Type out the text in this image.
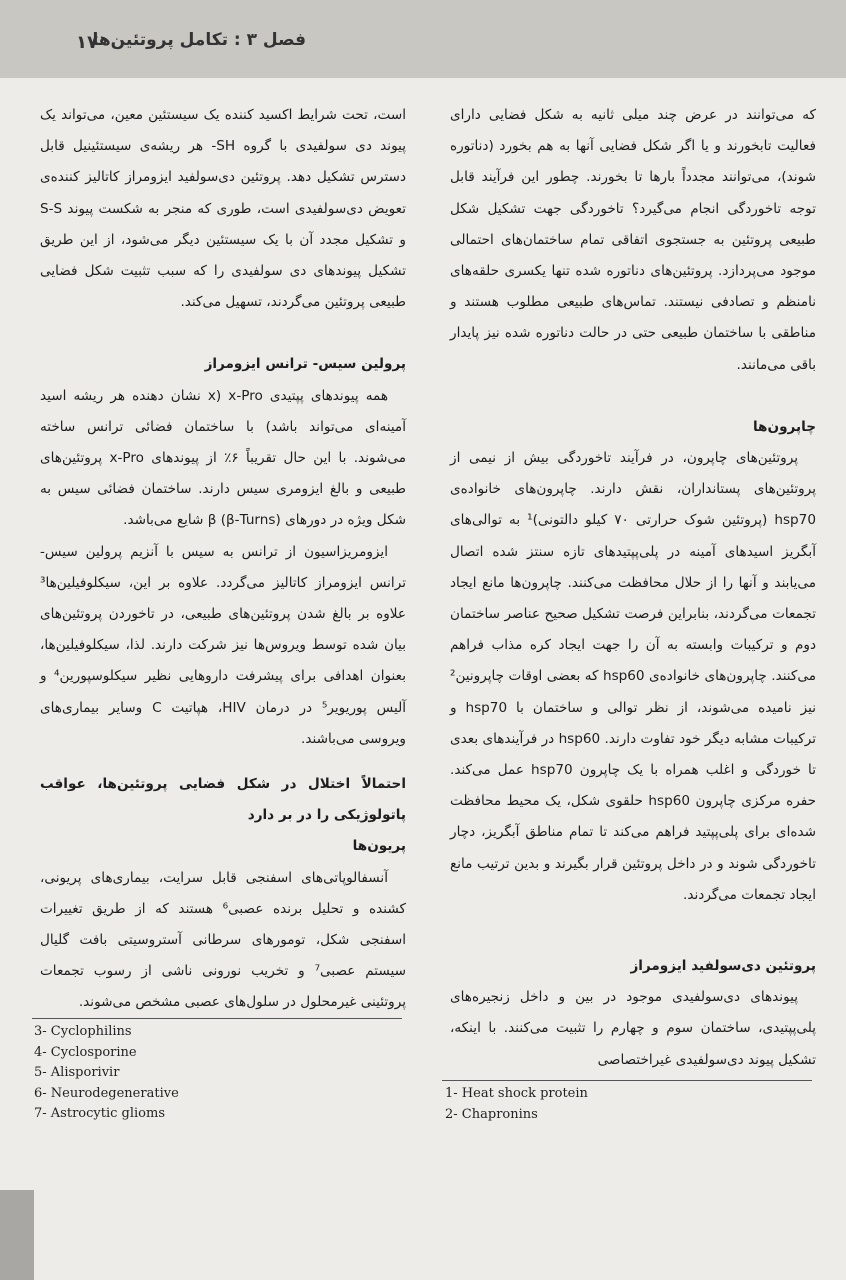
فصل ۳ : تکامل پروتئین‌ها
۱۷

که می‌توانند در عرض چند میلی ثانیه به شکل فضایی دارای فعالیت تابخورند و یا اگر شکل فضایی آنها به هم بخورد (دناتوره شوند)، می‌توانند مجدداً بارها تا بخورند. چطور این فرآیند قابل توجه تاخوردگی انجام می‌گیرد؟ تاخوردگی جهت تشکیل شکل طبیعی پروتئین به جستجوی اتفاقی تمام ساختمان‌های احتمالی موجود می‌پردازد. پروتئین‌های دناتوره شده تنها یکسری حلقه‌های نامنظم و تصادفی نیستند. تماس‌های طبیعی مطلوب هستند و مناطقی با ساختمان طبیعی حتی در حالت دناتوره شده نیز پایدار باقی می‌مانند.

چاپرون‌ها

پروتئین‌های چاپرون، در فرآیند تاخوردگی بیش از نیمی از پروتئین‌های پستانداران، نقش دارند. چاپرون‌های خانواده‌ی hsp70 (پروتئین شوک حرارتی ۷۰ کیلو دالتونی)¹ به توالی‌های آبگریز اسیدهای آمینه در پلی‌پپتیدهای تازه سنتز شده اتصال می‌یابند و آنها را از حلال محافظت می‌کنند. چاپرون‌ها مانع ایجاد تجمعات می‌گردند، بنابراین فرصت تشکیل صحیح عناصر ساختمان دوم و ترکیبات وابسته به آن را جهت ایجاد کره مذاب فراهم می‌کنند. چاپرون‌های خانواده‌ی hsp60 که بعضی اوقات چاپرونین² نیز نامیده می‌شوند، از نظر توالی و ساختمان با hsp70 و ترکیبات مشابه دیگر خود تفاوت دارند. hsp60 در فرآیندهای بعدی تا خوردگی و اغلب همراه با یک چاپرون hsp70 عمل می‌کند. حفره مرکزی چاپرون hsp60 حلقوی شکل، یک محیط محافظت شده‌ای برای پلی‌پپتید فراهم می‌کند تا تمام مناطق آبگریز، دچار تاخوردگی شوند و در داخل پروتئین قرار بگیرند و بدین ترتیب مانع ایجاد تجمعات می‌گردند.

پروتئین دی‌سولفید ایزومراز

پیوندهای دی‌سولفیدی موجود در بین و داخل زنجیره‌های پلی‌پپتیدی، ساختمان سوم و چهارم را تثبیت می‌کنند. با اینکه، تشکیل پیوند دی‌سولفیدی غیراختصاصی

است، تحت شرایط اکسید کننده یک سیستئین معین، می‌تواند یک پیوند دی سولفیدی با گروه SH- هر ریشه‌ی سیستئینیل قابل دسترس تشکیل دهد. پروتئین دی‌سولفید ایزومراز کاتالیز کننده‌ی تعویض دی‌سولفیدی است، طوری که منجر به شکست پیوند S-S و تشکیل مجدد آن با یک سیستئین دیگر می‌شود، از این طریق تشکیل پیوندهای دی سولفیدی را که سبب تثبیت شکل فضایی طبیعی پروتئین می‌گردند، تسهیل می‌کند.

پرولین سیس- ترانس ایزومراز

همه پیوندهای پپتیدی x-Pro (x نشان دهنده هر ریشه اسید آمینه‌ای می‌تواند باشد) با ساختمان فضائی ترانس ساخته می‌شوند. با این حال تقریباً ۶٪ از پیوندهای x-Pro پروتئین‌های طبیعی و بالغ ایزومری سیس دارند. ساختمان فضائی سیس به شکل ویژه در دورهای β (β-Turns) شایع می‌باشد.

ایزومریزاسیون از ترانس به سیس با آنزیم پرولین سیس- ترانس ایزومراز کاتالیز می‌گردد. علاوه بر این، سیکلوفیلین‌ها³ علاوه بر بالغ شدن پروتئین‌های طبیعی، در تاخوردن پروتئین‌های بیان شده توسط ویروس‌ها نیز شرکت دارند. لذا، سیکلوفیلین‌ها، بعنوان اهدافی برای پیشرفت داروهایی نظیر سیکلوسپورین⁴ و آلیس پوریویر⁵ در درمان HIV، هپاتیت C وسایر بیماری‌های ویروسی می‌باشند.

احتمالاً اختلال در شکل فضایی پروتئین‌ها، عواقب پاتولوژیکی را در بر دارد

پریون‌ها

آنسفالوپاتی‌های اسفنجی قابل سرایت، بیماری‌های پریونی، کشنده و تحلیل برنده عصبی⁶ هستند که از طریق تغییرات اسفنجی شکل، تومورهای سرطانی آستروسیتی بافت گلیال سیستم عصبی⁷ و تخریب نورونی ناشی از رسوب تجمعات پروتئینی غیرمحلول در سلول‌های عصبی مشخص می‌شوند.

3- Cyclophilins
4- Cyclosporine
5- Alisporivir
6- Neurodegenerative
7- Astrocytic glioms
1- Heat shock protein
2- Chapronins
